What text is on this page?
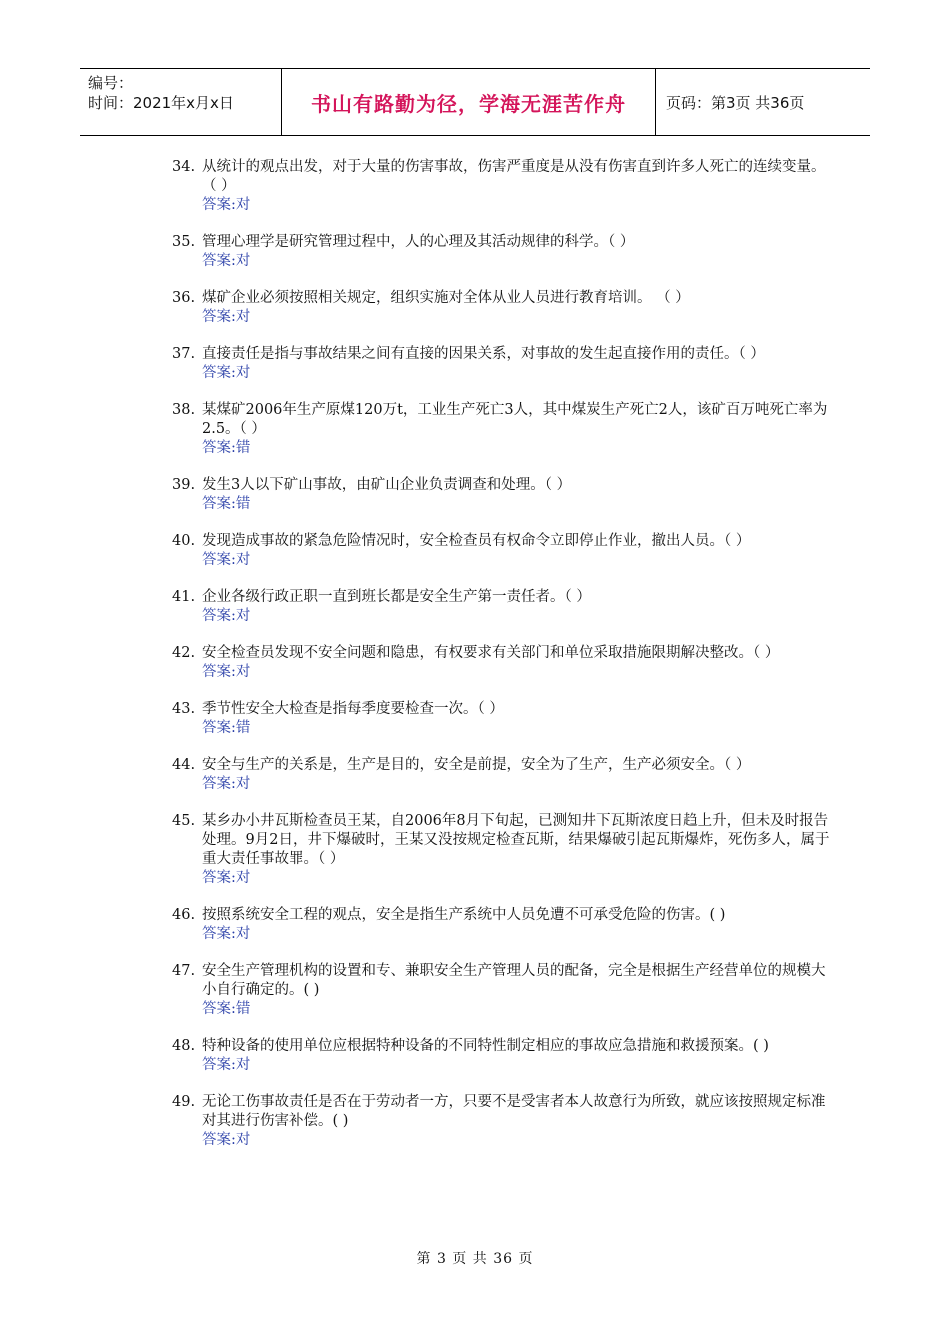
编号：
时间：2021年x月x日	书山有路勤为径，学海无涯苦作舟	页码：第3页 共36页
34. 从统计的观点出发，对于大量的伤害事故，伤害严重度是从没有伤害直到许多人死亡的连续变量。（ ）
答案:对
35. 管理心理学是研究管理过程中，人的心理及其活动规律的科学。（ ）
答案:对
36. 煤矿企业必须按照相关规定，组织实施对全体从业人员进行教育培训。 （ ）
答案:对
37. 直接责任是指与事故结果之间有直接的因果关系，对事故的发生起直接作用的责任。（ ）
答案:对
38. 某煤矿2006年生产原煤120万t，工业生产死亡3人，其中煤炭生产死亡2人，该矿百万吨死亡率为2.5。（ ）
答案:错
39. 发生3人以下矿山事故，由矿山企业负责调查和处理。（ ）
答案:错
40. 发现造成事故的紧急危险情况时，安全检查员有权命令立即停止作业，撤出人员。（ ）
答案:对
41. 企业各级行政正职一直到班长都是安全生产第一责任者。（ ）
答案:对
42. 安全检查员发现不安全问题和隐患，有权要求有关部门和单位采取措施限期解决整改。（ ）
答案:对
43. 季节性安全大检查是指每季度要检查一次。（ ）
答案:错
44. 安全与生产的关系是，生产是目的，安全是前提，安全为了生产，生产必须安全。（ ）
答案:对
45. 某乡办小井瓦斯检查员王某，自2006年8月下旬起，已测知井下瓦斯浓度日趋上升，但未及时报告处理。9月2日，井下爆破时，王某又没按规定检查瓦斯，结果爆破引起瓦斯爆炸，死伤多人，属于重大责任事故罪。（ ）
答案:对
46. 按照系统安全工程的观点，安全是指生产系统中人员免遭不可承受危险的伤害。( )
答案:对
47. 安全生产管理机构的设置和专、兼职安全生产管理人员的配备，完全是根据生产经营单位的规模大小自行确定的。( )
答案:错
48. 特种设备的使用单位应根据特种设备的不同特性制定相应的事故应急措施和救援预案。( )
答案:对
49. 无论工伤事故责任是否在于劳动者一方，只要不是受害者本人故意行为所致，就应该按照规定标准对其进行伤害补偿。( )
答案:对
第 3 页 共 36 页
